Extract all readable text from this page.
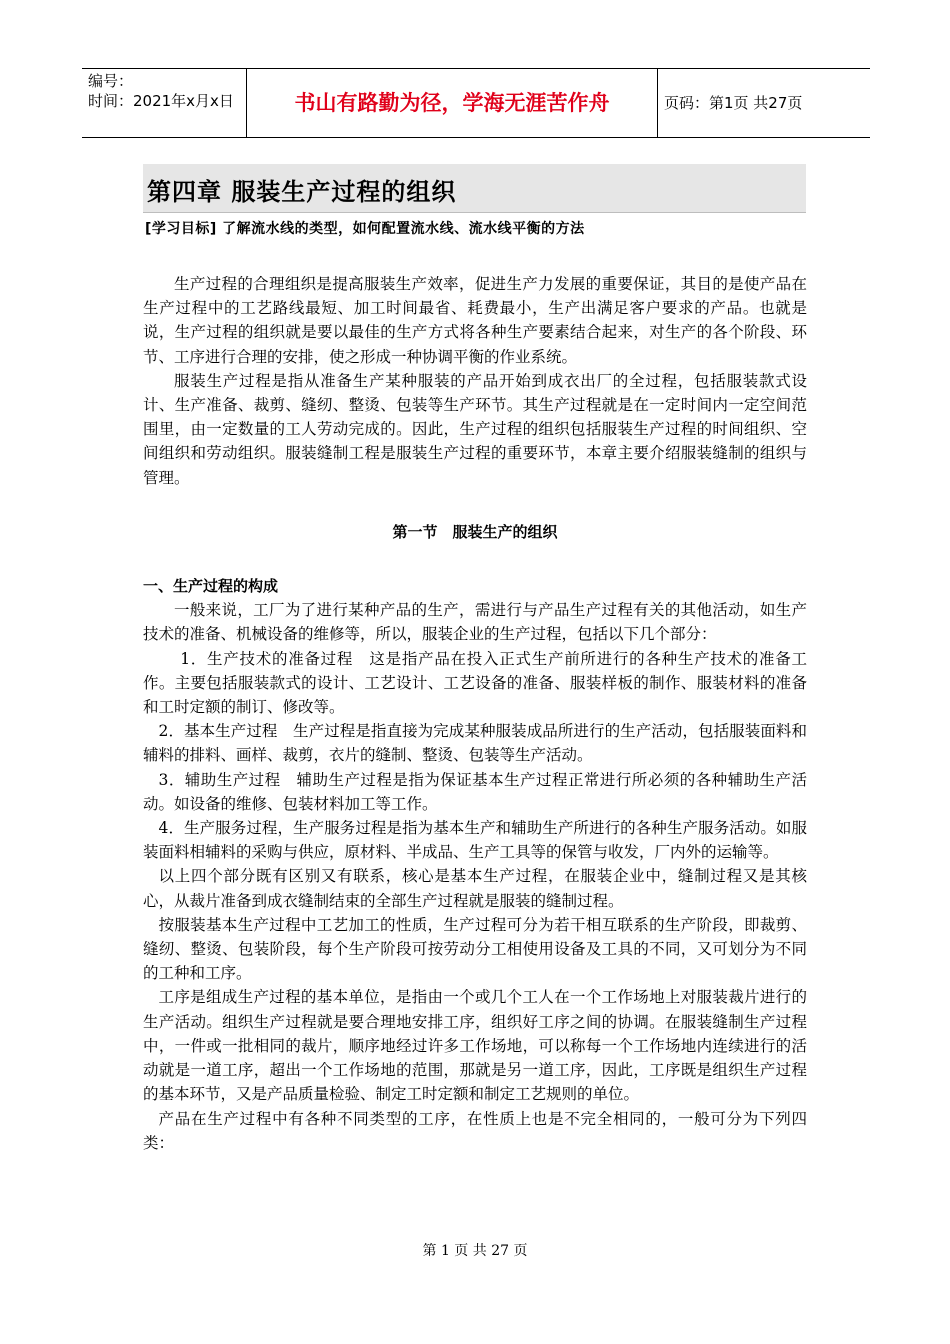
编号：
时间：2021年x月x日	书山有路勤为径，学海无涯苦作舟	页码：第1页 共27页
第四章 服装生产过程的组织
[学习目标] 了解流水线的类型，如何配置流水线、流水线平衡的方法

生产过程的合理组织是提高服装生产效率，促进生产力发展的重要保证，其目的是使产品在生产过程中的工艺路线最短、加工时间最省、耗费最小，生产出满足客户要求的产品。也就是说，生产过程的组织就是要以最佳的生产方式将各种生产要素结合起来，对生产的各个阶段、环节、工序进行合理的安排，使之形成一种协调平衡的作业系统。

服装生产过程是指从准备生产某种服装的产品开始到成衣出厂的全过程，包括服装款式设计、生产准备、裁剪、缝纫、整烫、包装等生产环节。其生产过程就是在一定时间内一定空间范围里，由一定数量的工人劳动完成的。因此，生产过程的组织包括服装生产过程的时间组织、空间组织和劳动组织。服装缝制工程是服装生产过程的重要环节，本章主要介绍服装缝制的组织与管理。

第一节　服装生产的组织

一、生产过程的构成

一般来说，工厂为了进行某种产品的生产，需进行与产品生产过程有关的其他活动，如生产技术的准备、机械设备的维修等，所以，服装企业的生产过程，包括以下几个部分：

1．生产技术的准备过程　这是指产品在投入正式生产前所进行的各种生产技术的准备工作。主要包括服装款式的设计、工艺设计、工艺设备的准备、服装样板的制作、服装材料的准备和工时定额的制订、修改等。

2．基本生产过程　生产过程是指直接为完成某种服装成品所进行的生产活动，包括服装面料和辅料的排料、画样、裁剪，衣片的缝制、整烫、包装等生产活动。

3．辅助生产过程　辅助生产过程是指为保证基本生产过程正常进行所必须的各种辅助生产活动。如设备的维修、包装材料加工等工作。

4．生产服务过程，生产服务过程是指为基本生产和辅助生产所进行的各种生产服务活动。如服装面料相辅料的采购与供应，原材料、半成品、生产工具等的保管与收发，厂内外的运输等。

以上四个部分既有区别又有联系，核心是基本生产过程，在服装企业中，缝制过程又是其核心，从裁片准备到成衣缝制结束的全部生产过程就是服装的缝制过程。

按服装基本生产过程中工艺加工的性质，生产过程可分为若干相互联系的生产阶段，即裁剪、缝纫、整烫、包装阶段，每个生产阶段可按劳动分工相使用设备及工具的不同，又可划分为不同的工种和工序。

工序是组成生产过程的基本单位，是指由一个或几个工人在一个工作场地上对服装裁片进行的生产活动。组织生产过程就是要合理地安排工序，组织好工序之间的协调。在服装缝制生产过程中，一件或一批相同的裁片，顺序地经过许多工作场地，可以称每一个工作场地内连续进行的活动就是一道工序，超出一个工作场地的范围，那就是另一道工序，因此，工序既是组织生产过程的基本环节，又是产品质量检验、制定工时定额和制定工艺规则的单位。

产品在生产过程中有各种不同类型的工序，在性质上也是不完全相同的，一般可分为下列四类：

第 1 页 共 27 页
